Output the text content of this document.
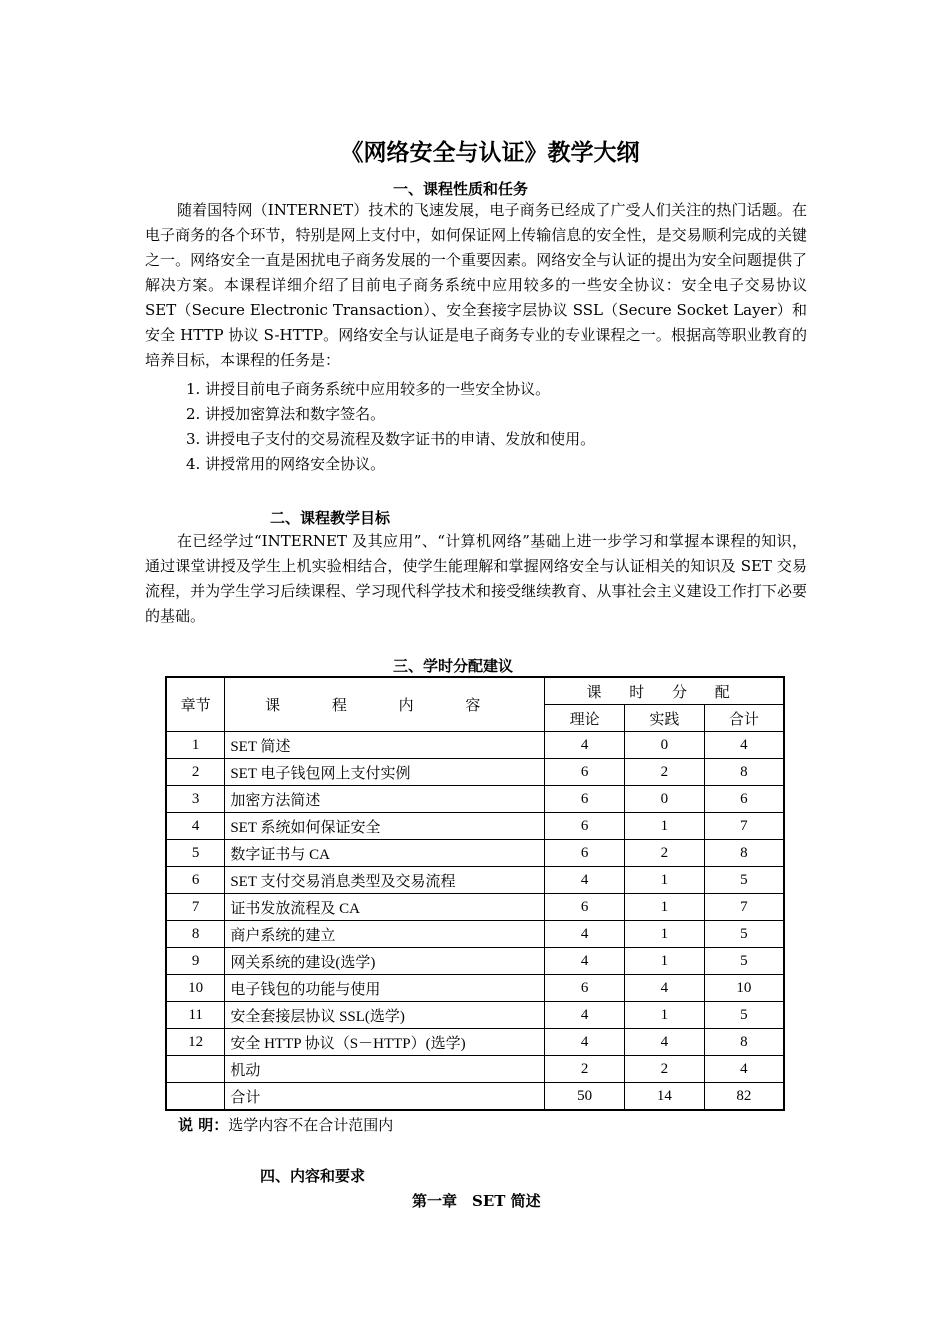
《网络安全与认证》教学大纲
一、课程性质和任务
随着国特网（INTERNET）技术的飞速发展，电子商务已经成了广受人们关注的热门话题。在电子商务的各个环节，特别是网上支付中，如何保证网上传输信息的安全性，是交易顺利完成的关键之一。网络安全一直是困扰电子商务发展的一个重要因素。网络安全与认证的提出为安全问题提供了解决方案。本课程详细介绍了目前电子商务系统中应用较多的一些安全协议：安全电子交易协议 SET（Secure Electronic Transaction）、安全套接字层协议 SSL（Secure Socket Layer）和安全 HTTP 协议 S-HTTP。网络安全与认证是电子商务专业的专业课程之一。根据高等职业教育的培养目标，本课程的任务是：
1. 讲授目前电子商务系统中应用较多的一些安全协议。
2. 讲授加密算法和数字签名。
3. 讲授电子支付的交易流程及数字证书的申请、发放和使用。
4. 讲授常用的网络安全协议。
二、课程教学目标
在已经学过“INTERNET 及其应用”、“计算机网络”基础上进一步学习和掌握本课程的知识，通过课堂讲授及学生上机实验相结合，使学生能理解和掌握网络安全与认证相关的知识及 SET 交易流程，并为学生学习后续课程、学习现代科学技术和接受继续教育、从事社会主义建设工作打下必要的基础。
三、学时分配建议
章节	课 程 内 容	课 时 分 配		
		理论	实践	合计
1	SET 简述	4	0	4
2	SET 电子钱包网上支付实例	6	2	8
3	加密方法简述	6	0	6
4	SET 系统如何保证安全	6	1	7
5	数字证书与 CA	6	2	8
6	SET 支付交易消息类型及交易流程	4	1	5
7	证书发放流程及 CA	6	1	7
8	商户系统的建立	4	1	5
9	网关系统的建设(选学)	4	1	5
10	电子钱包的功能与使用	6	4	10
11	安全套接层协议 SSL(选学)	4	1	5
12	安全 HTTP 协议（S－HTTP）(选学)	4	4	8
	机动	2	2	4
	合计	50	14	82
说 明：选学内容不在合计范围内
四、内容和要求
第一章　SET 简述
